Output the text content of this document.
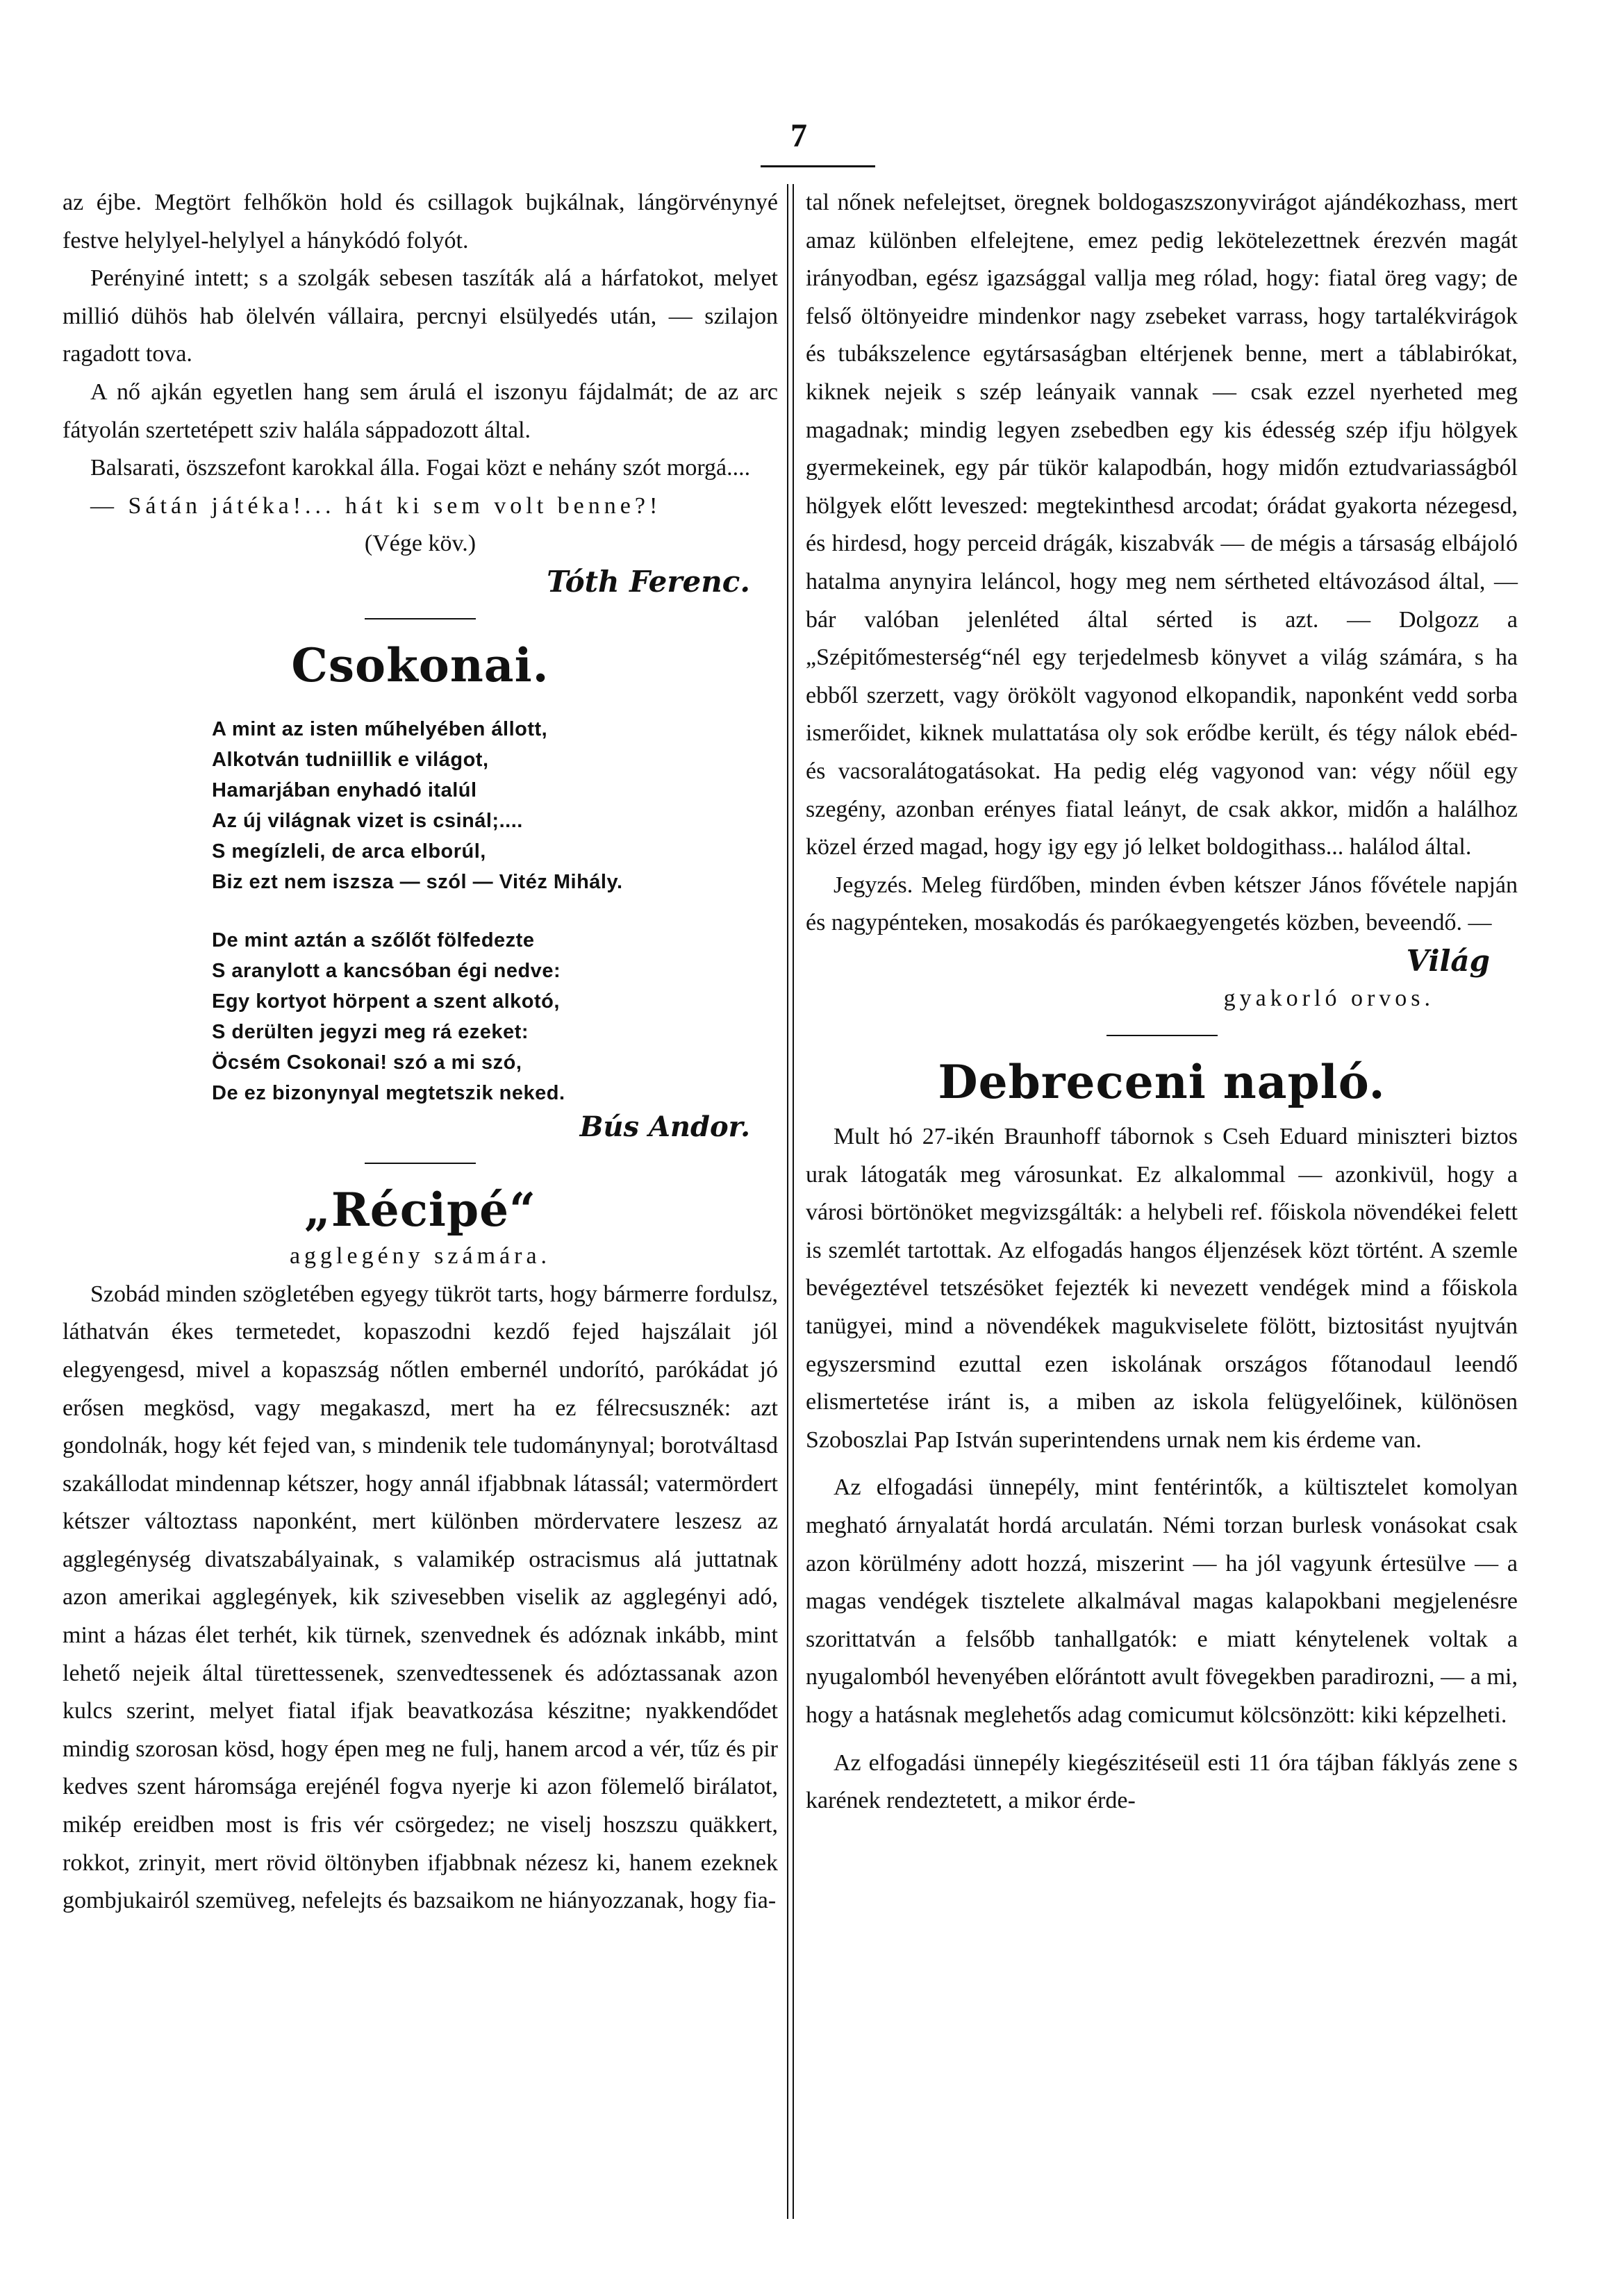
7

az éjbe. Megtört felhőkön hold és csillagok bujkálnak, lángörvénynyé festve helylyel-helylyel a hánykódó folyót.

Perényiné intett; s a szolgák sebesen taszíták alá a hárfatokot, melyet millió dühös hab ölelvén vállaira, percnyi elsülyedés után, — szilajon ragadott tova.

A nő ajkán egyetlen hang sem árulá el iszonyu fájdalmát; de az arc fátyolán szertetépett sziv halála sáppadozott által.

Balsarati, öszszefont karokkal álla. Fogai közt e nehány szót morgá....

— Sátán játéka!... hát ki sem volt benne?!

(Vége köv.)

Tóth Ferenc.

Csokonai.

A mint az isten műhelyében állott,
Alkotván tudniillik e világot,
Hamarjában enyhadó italúl
Az új világnak vizet is csinál;....
S megízleli, de arca elborúl,
Biz ezt nem iszsza — szól — Vitéz Mihály.
De mint aztán a szőlőt fölfedezte
S aranylott a kancsóban égi nedve:
Egy kortyot hörpent a szent alkotó,
S derülten jegyzi meg rá ezeket:
Öcsém Csokonai! szó a mi szó,
De ez bizonynyal megtetszik neked.

Bús Andor.

„Récipé“

agglegény számára.

Szobád minden szögletében egyegy tükröt tarts, hogy bármerre fordulsz, láthatván ékes termetedet, kopaszodni kezdő fejed hajszálait jól elegyengesd, mivel a kopaszság nőtlen embernél undorító, parókádat jó erősen megkösd, vagy megakaszd, mert ha ez félrecsusznék: azt gondolnák, hogy két fejed van, s mindenik tele tudománynyal; borotváltasd szakállodat mindennap kétszer, hogy annál ifjabbnak látassál; vatermördert kétszer változtass naponként, mert különben mördervatere leszesz az agglegénység divatszabályainak, s valamikép ostracismus alá juttatnak azon amerikai agglegények, kik szivesebben viselik az agglegényi adó, mint a házas élet terhét, kik türnek, szenvednek és adóznak inkább, mint lehető nejeik által türettessenek, szenvedtessenek és adóztassanak azon kulcs szerint, melyet fiatal ifjak beavatkozása készitne; nyakkendődet mindig szorosan kösd, hogy épen meg ne fulj, hanem arcod a vér, tűz és pir kedves szent háromsága erejénél fogva nyerje ki azon fölemelő birálatot, mikép ereidben most is fris vér csörgedez; ne viselj hoszszu quäkkert, rokkot, zrinyit, mert rövid öltönyben ifjabbnak nézesz ki, hanem ezeknek gombjukairól szemüveg, nefelejts és bazsaikom ne hiányozzanak, hogy fia-

tal nőnek nefelejtset, öregnek boldogaszszonyvirágot ajándékozhass, mert amaz különben elfelejtene, emez pedig lekötelezettnek érezvén magát irányodban, egész igazsággal vallja meg rólad, hogy: fiatal öreg vagy; de felső öltönyeidre mindenkor nagy zsebeket varrass, hogy tartalékvirágok és tubákszelence egytársaságban eltérjenek benne, mert a táblabirókat, kiknek nejeik s szép leányaik vannak — csak ezzel nyerheted meg magadnak; mindig legyen zsebedben egy kis édesség szép ifju hölgyek gyermekeinek, egy pár tükör kalapodbán, hogy midőn eztudvariasságból hölgyek előtt leveszed: megtekinthesd arcodat; órádat gyakorta nézegesd, és hirdesd, hogy perceid drágák, kiszabvák — de mégis a társaság elbájoló hatalma anynyira leláncol, hogy meg nem sértheted eltávozásod által, — bár valóban jelenléted által sérted is azt. — Dolgozz a „Szépitőmesterség“nél egy terjedelmesb könyvet a világ számára, s ha ebből szerzett, vagy örökölt vagyonod elkopandik, naponként vedd sorba ismerőidet, kiknek mulattatása oly sok erődbe került, és tégy nálok ebéd- és vacsoralátogatásokat. Ha pedig elég vagyonod van: végy nőül egy szegény, azonban erényes fiatal leányt, de csak akkor, midőn a halálhoz közel érzed magad, hogy igy egy jó lelket boldogithass... halálod által.

Jegyzés. Meleg fürdőben, minden évben kétszer János fővétele napján és nagypénteken, mosakodás és parókaegyengetés közben, beveendő. —

Világ

gyakorló orvos.

Debreceni napló.

Mult hó 27-ikén Braunhoff tábornok s Cseh Eduard miniszteri biztos urak látogaták meg városunkat. Ez alkalommal — azonkivül, hogy a városi börtönöket megvizsgálták: a helybeli ref. főiskola növendékei felett is szemlét tartottak. Az elfogadás hangos éljenzések közt történt. A szemle bevégeztével tetszésöket fejezték ki nevezett vendégek mind a főiskola tanügyei, mind a növendékek magukviselete fölött, biztositást nyujtván egyszersmind ezuttal ezen iskolának országos főtanodaul leendő elismertetése iránt is, a miben az iskola felügyelőinek, különösen Szoboszlai Pap István superintendens urnak nem kis érdeme van.

Az elfogadási ünnepély, mint fentérintők, a kültisztelet komolyan megható árnyalatát hordá arculatán. Némi torzan burlesk vonásokat csak azon körülmény adott hozzá, miszerint — ha jól vagyunk értesülve — a magas vendégek tisztelete alkalmával magas kalapokbani megjelenésre szorittatván a felsőbb tanhallgatók: e miatt kénytelenek voltak a nyugalomból hevenyében előrántott avult fövegekben paradirozni, — a mi, hogy a hatásnak meglehetős adag comicumut kölcsönzött: kiki képzelheti.

Az elfogadási ünnepély kiegészitéseül esti 11 óra tájban fáklyás zene s karének rendeztetett, a mikor érde-
